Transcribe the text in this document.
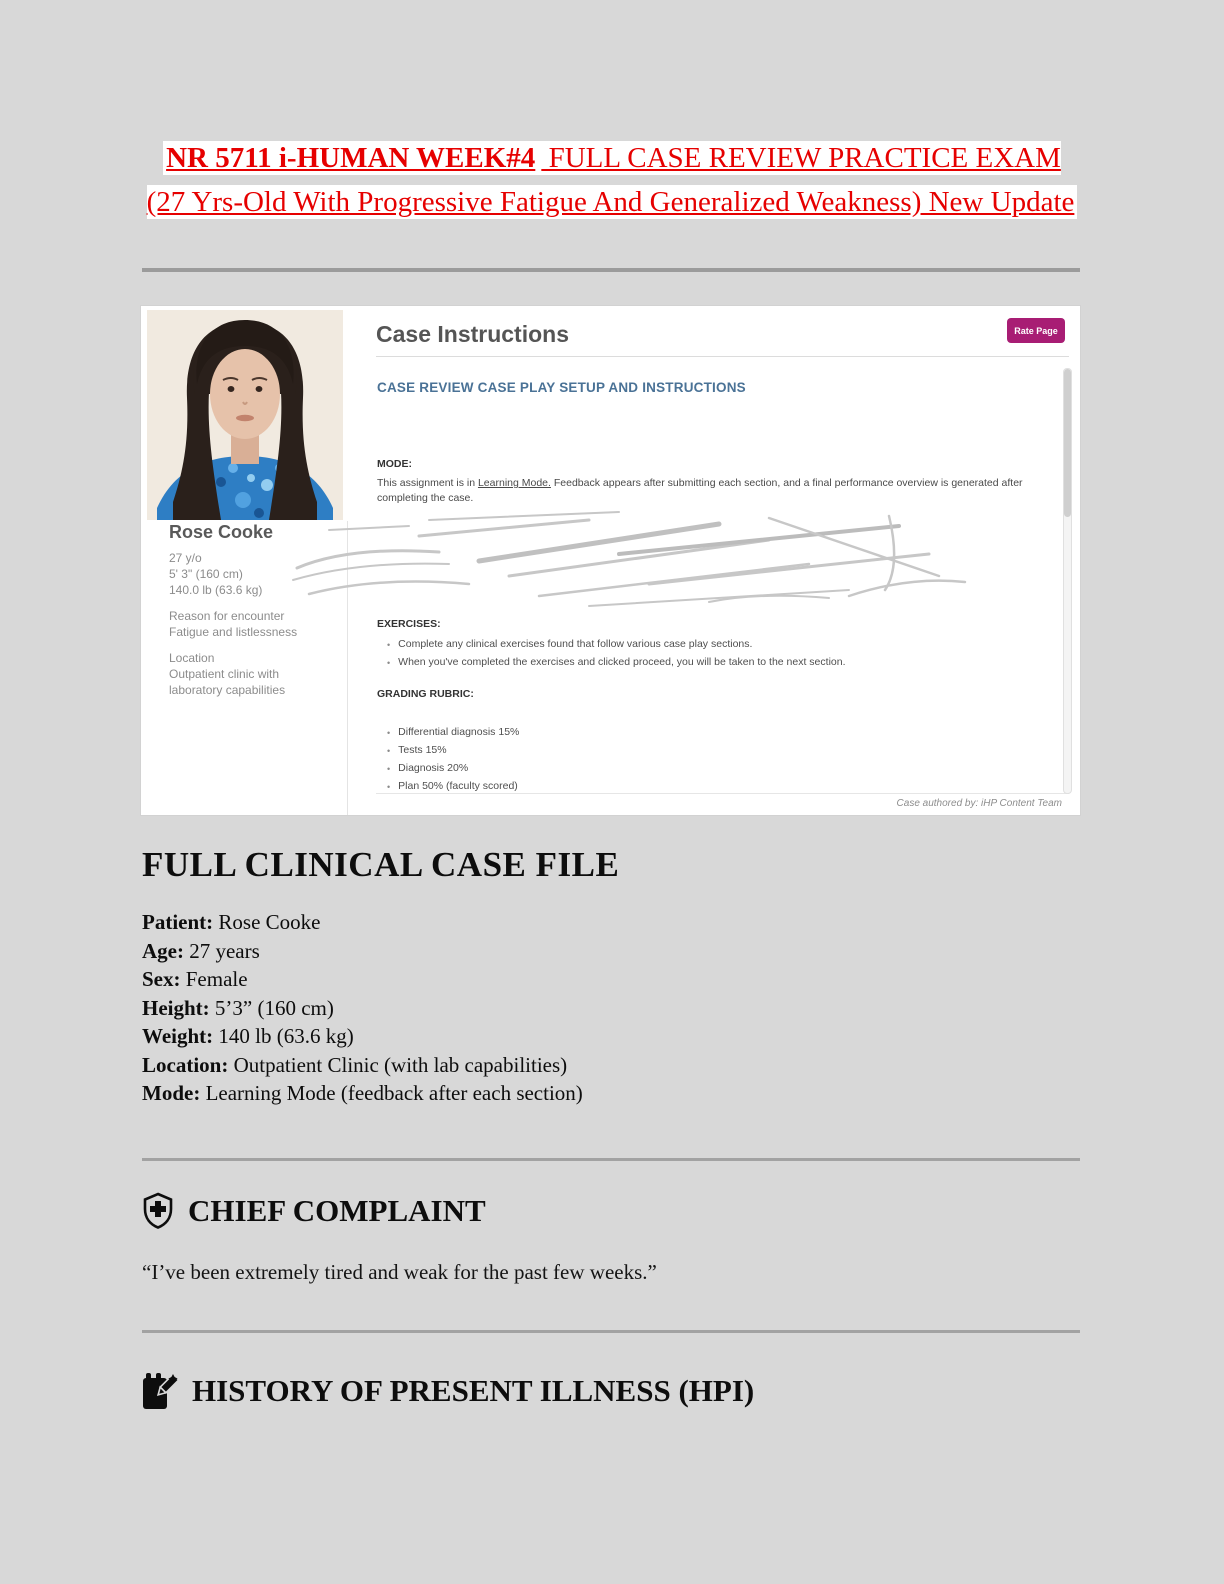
NR 5711 i-HUMAN WEEK#4 FULL CASE REVIEW PRACTICE EXAM (27 Yrs-Old With Progressive Fatigue And Generalized Weakness) New Update
Rose Cooke
27 y/o
5' 3" (160 cm)
140.0 lb (63.6 kg)
Reason for encounter
Fatigue and listlessness
Location
Outpatient clinic with laboratory capabilities
Case Instructions	Rate Page
CASE REVIEW CASE PLAY SETUP AND INSTRUCTIONS
MODE:
This assignment is in Learning Mode. Feedback appears after submitting each section, and a final performance overview is generated after completing the case.
EXERCISES:
• Complete any clinical exercises found that follow various case play sections.
• When you've completed the exercises and clicked proceed, you will be taken to the next section.
GRADING RUBRIC:
• Differential diagnosis 15%
• Tests 15%
• Diagnosis 20%
• Plan 50% (faculty scored)
Case authored by: iHP Content Team
FULL CLINICAL CASE FILE
Patient: Rose Cooke
Age: 27 years
Sex: Female
Height: 5’3” (160 cm)
Weight: 140 lb (63.6 kg)
Location: Outpatient Clinic (with lab capabilities)
Mode: Learning Mode (feedback after each section)
CHIEF COMPLAINT
“I’ve been extremely tired and weak for the past few weeks.”
HISTORY OF PRESENT ILLNESS (HPI)
